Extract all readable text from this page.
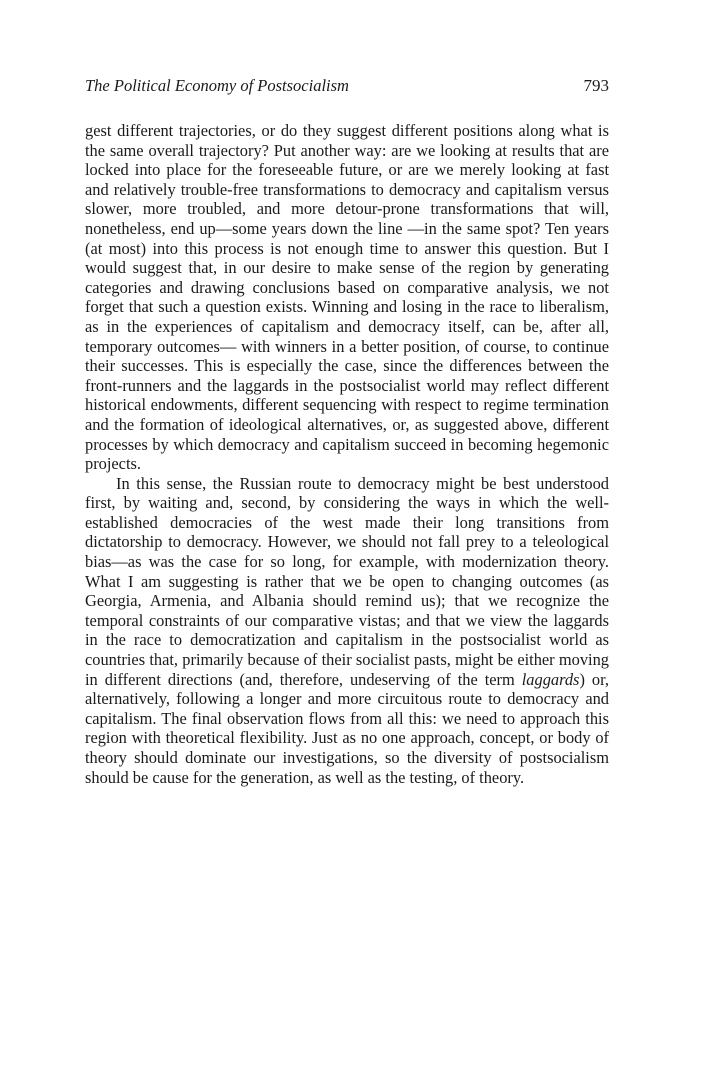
The Political Economy of Postsocialism	793

gest different trajectories, or do they suggest different positions along what is the same overall trajectory? Put another way: are we looking at results that are locked into place for the foreseeable future, or are we merely looking at fast and relatively trouble-free transformations to democracy and capitalism versus slower, more troubled, and more detour-prone transformations that will, nonetheless, end up—some years down the line —in the same spot? Ten years (at most) into this process is not enough time to answer this question. But I would suggest that, in our desire to make sense of the region by generating categories and drawing conclusions based on comparative analysis, we not forget that such a question exists. Winning and losing in the race to liberalism, as in the experiences of capitalism and democracy itself, can be, after all, temporary outcomes— with winners in a better position, of course, to continue their successes. This is especially the case, since the differences between the front-runners and the laggards in the postsocialist world may reflect different historical endowments, different sequencing with respect to regime termination and the formation of ideological alternatives, or, as suggested above, different processes by which democracy and capitalism succeed in becoming hegemonic projects.

In this sense, the Russian route to democracy might be best understood first, by waiting and, second, by considering the ways in which the well-established democracies of the west made their long transitions from dictatorship to democracy. However, we should not fall prey to a teleological bias—as was the case for so long, for example, with modernization theory. What I am suggesting is rather that we be open to changing outcomes (as Georgia, Armenia, and Albania should remind us); that we recognize the temporal constraints of our comparative vistas; and that we view the laggards in the race to democratization and capitalism in the postsocialist world as countries that, primarily because of their socialist pasts, might be either moving in different directions (and, therefore, undeserving of the term laggards) or, alternatively, following a longer and more circuitous route to democracy and capitalism. The final observation flows from all this: we need to approach this region with theoretical flexibility. Just as no one approach, concept, or body of theory should dominate our investigations, so the diversity of postsocialism should be cause for the generation, as well as the testing, of theory.
